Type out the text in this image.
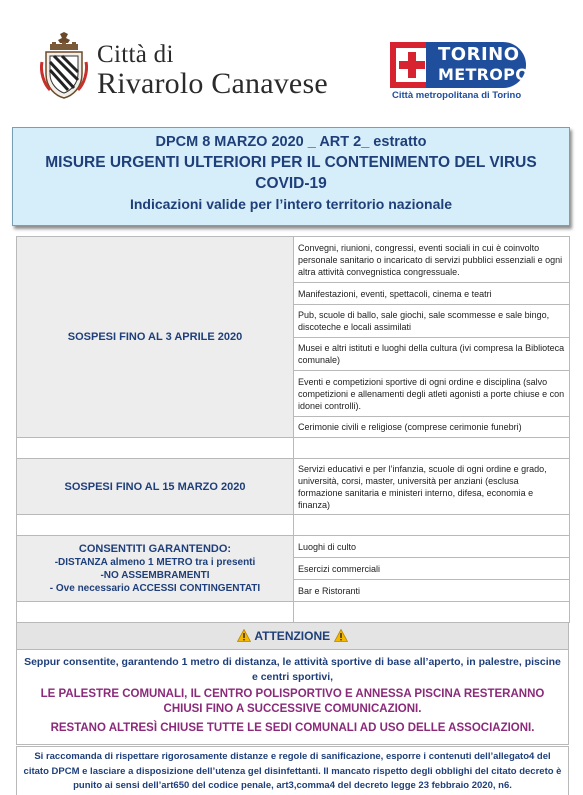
Città di
Rivarolo Canavese
TORINO
METROPOLI
Città metropolitana di Torino
DPCM 8 MARZO 2020 _ ART 2_ estratto
MISURE URGENTI ULTERIORI PER IL CONTENIMENTO DEL VIRUS
COVID-19
Indicazioni valide per l’intero territorio nazionale
SOSPESI FINO AL 3 APRILE 2020	Convegni, riunioni, congressi, eventi sociali in cui è coinvolto personale sanitario o incaricato di servizi pubblici essenziali e ogni altra attività convegnistica congressuale.
	Manifestazioni, eventi, spettacoli, cinema e teatri
	Pub, scuole di ballo, sale giochi, sale scommesse e sale bingo, discoteche e locali assimilati
	Musei e altri istituti e luoghi della cultura (ivi compresa la Biblioteca comunale)
	Eventi e competizioni sportive di ogni ordine e disciplina (salvo competizioni e allenamenti degli atleti agonisti a porte chiuse e con idonei controlli).
	Cerimonie civili e religiose (comprese cerimonie funebri)

SOSPESI FINO AL 15 MARZO 2020	Servizi educativi e per l’infanzia, scuole di ogni ordine e grado, università, corsi, master, università per anziani (esclusa formazione sanitaria e ministeri interno, difesa, economia e finanza)

CONSENTITI GARANTENDO:
-DISTANZA almeno 1 METRO tra i presenti
-NO ASSEMBRAMENTI
- Ove necessario ACCESSI CONTINGENTATI	Luoghi di culto
	Esercizi commerciali
	Bar e Ristoranti

ATTENZIONE
Seppur consentite, garantendo 1 metro di distanza, le attività sportive di base all’aperto, in palestre, piscine e centri sportivi,
LE PALESTRE COMUNALI, IL CENTRO POLISPORTIVO E ANNESSA PISCINA RESTERANNO CHIUSI FINO A SUCCESSIVE COMUNICAZIONI.
RESTANO ALTRESÌ CHIUSE TUTTE LE SEDI COMUNALI AD USO DELLE ASSOCIAZIONI.
Si raccomanda di rispettare rigorosamente distanze e regole di sanificazione, esporre i contenuti dell’allegato4 del citato DPCM e lasciare a disposizione dell’utenza gel disinfettanti. Il mancato rispetto degli obblighi del citato decreto è punito ai sensi dell’art650 del codice penale, art3,comma4 del decreto legge 23 febbraio 2020, n6.
